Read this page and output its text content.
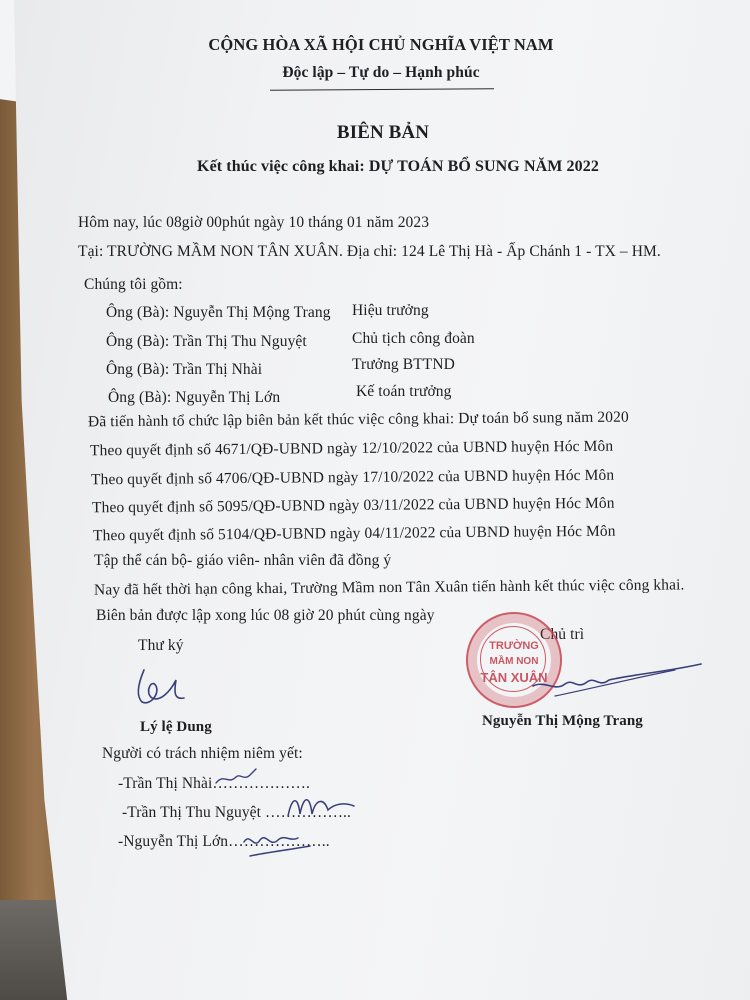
CỘNG HÒA XÃ HỘI CHỦ NGHĨA VIỆT NAM
Độc lập – Tự do – Hạnh phúc
BIÊN BẢN
Kết thúc việc công khai: DỰ TOÁN BỔ SUNG NĂM 2022
Hôm nay, lúc 08giờ 00phút ngày 10 tháng 01 năm 2023
Tại: TRƯỜNG MẦM NON TÂN XUÂN. Địa chỉ: 124 Lê Thị Hà - Ấp Chánh 1 - TX – HM.
Chúng tôi gồm:
Ông (Bà): Nguyễn Thị Mộng Trang Hiệu trưởng
Ông (Bà): Trần Thị Thu Nguyệt	Chủ tịch công đoàn
Ông (Bà): Trần Thị Nhài	Trưởng BTTND
Ông (Bà): Nguyễn Thị Lớn	Kế toán trưởng
Đã tiến hành tổ chức lập biên bản kết thúc việc công khai: Dự toán bổ sung năm 2020
Theo quyết định số 4671/QĐ-UBND ngày 12/10/2022 của UBND huyện Hóc Môn
Theo quyết định số 4706/QĐ-UBND ngày 17/10/2022 của UBND huyện Hóc Môn
Theo quyết định số 5095/QĐ-UBND ngày 03/11/2022 của UBND huyện Hóc Môn
Theo quyết định số 5104/QĐ-UBND ngày 04/11/2022 của UBND huyện Hóc Môn
Tập thể cán bộ- giáo viên- nhân viên đã đồng ý
Nay đã hết thời hạn công khai, Trường Mầm non Tân Xuân tiến hành kết thúc việc công khai.
Biên bản được lập xong lúc 08 giờ 20 phút cùng ngày
Thư ký
Chủ trì
TRƯỜNG
MẦM NON
TÂN XUÂN
Lý lệ Dung	Nguyễn Thị Mộng Trang
Người có trách nhiệm niêm yết:
-Trần Thị Nhài……………….
-Trần Thị Thu Nguyệt ……………..
-Nguyễn Thị Lớn………………..
